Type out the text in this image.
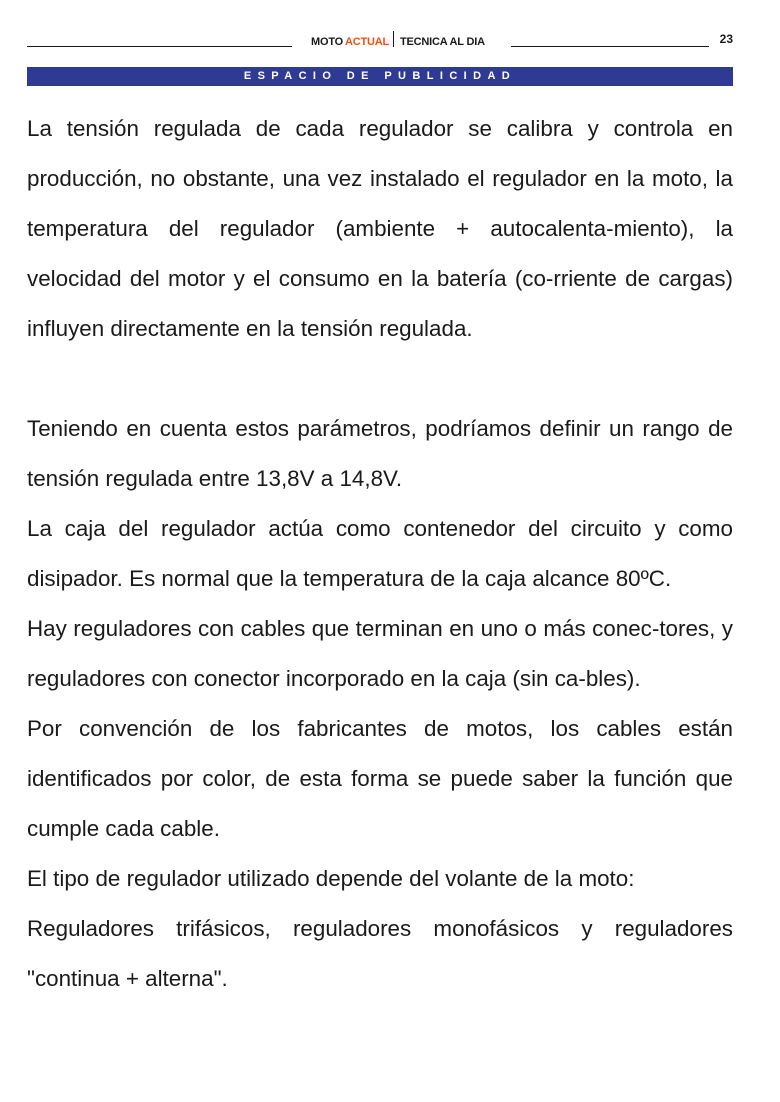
MOTO ACTUAL TECNICA AL DIA	23
ESPACIO DE PUBLICIDAD

La tensión regulada de cada regulador se calibra y controla en producción, no obstante, una vez instalado el regulador en la moto, la temperatura del regulador (ambiente + autocalenta-miento), la velocidad del motor y el consumo en la batería (co-rriente de cargas) influyen directamente en la tensión regulada.

Teniendo en cuenta estos parámetros, podríamos definir un rango de tensión regulada entre 13,8V a 14,8V.

La caja del regulador actúa como contenedor del circuito y como disipador. Es normal que la temperatura de la caja alcance 80ºC.

Hay reguladores con cables que terminan en uno o más conec-tores, y reguladores con conector incorporado en la caja (sin ca-bles).

Por convención de los fabricantes de motos, los cables están identificados por color, de esta forma se puede saber la función que cumple cada cable.

El tipo de regulador utilizado depende del volante de la moto:

Reguladores trifásicos, reguladores monofásicos y reguladores "continua + alterna".
